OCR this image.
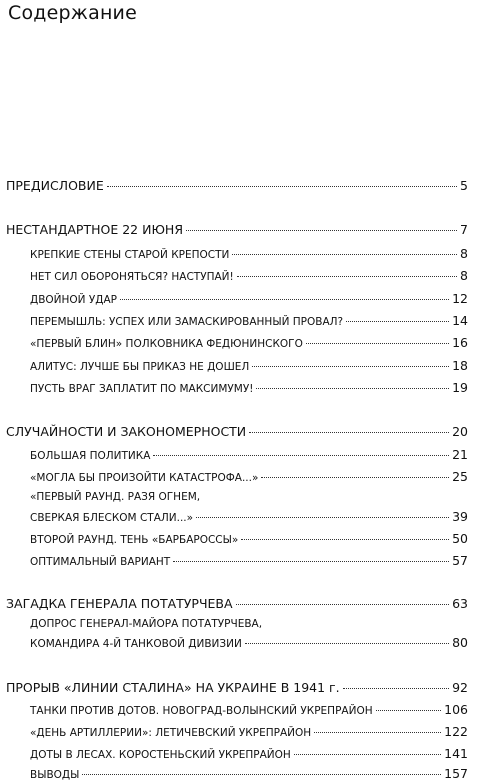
Содержание
ПРЕДИСЛОВИЕ	5
НЕСТАНДАРТНОЕ 22 ИЮНЯ	7
КРЕПКИЕ СТЕНЫ СТАРОЙ КРЕПОСТИ	8
НЕТ СИЛ ОБОРОНЯТЬСЯ? НАСТУПАЙ!	8
ДВОЙНОЙ УДАР	12
ПЕРЕМЫШЛЬ: УСПЕХ ИЛИ ЗАМАСКИРОВАННЫЙ ПРОВАЛ?	14
«ПЕРВЫЙ БЛИН» ПОЛКОВНИКА ФЕДЮНИНСКОГО	16
АЛИТУС: ЛУЧШЕ БЫ ПРИКАЗ НЕ ДОШЕЛ	18
ПУСТЬ ВРАГ ЗАПЛАТИТ ПО МАКСИМУМУ!	19
СЛУЧАЙНОСТИ И ЗАКОНОМЕРНОСТИ	20
БОЛЬШАЯ ПОЛИТИКА	21
«МОГЛА БЫ ПРОИЗОЙТИ КАТАСТРОФА...»	25
«ПЕРВЫЙ РАУНД. РАЗЯ ОГНЕМ,
СВЕРКАЯ БЛЕСКОМ СТАЛИ...»	39
ВТОРОЙ РАУНД. ТЕНЬ «БАРБАРОССЫ»	50
ОПТИМАЛЬНЫЙ ВАРИАНТ	57
ЗАГАДКА ГЕНЕРАЛА ПОТАТУРЧЕВА	63
ДОПРОС ГЕНЕРАЛ-МАЙОРА ПОТАТУРЧЕВА,
КОМАНДИРА 4-Й ТАНКОВОЙ ДИВИЗИИ	80
ПРОРЫВ «ЛИНИИ СТАЛИНА» НА УКРАИНЕ В 1941 г.	92
ТАНКИ ПРОТИВ ДОТОВ. НОВОГРАД-ВОЛЫНСКИЙ УКРЕПРАЙОН	106
«ДЕНЬ АРТИЛЛЕРИИ»: ЛЕТИЧЕВСКИЙ УКРЕПРАЙОН	122
ДОТЫ В ЛЕСАХ. КОРОСТЕНЬСКИЙ УКРЕПРАЙОН	141
ВЫВОДЫ	157
